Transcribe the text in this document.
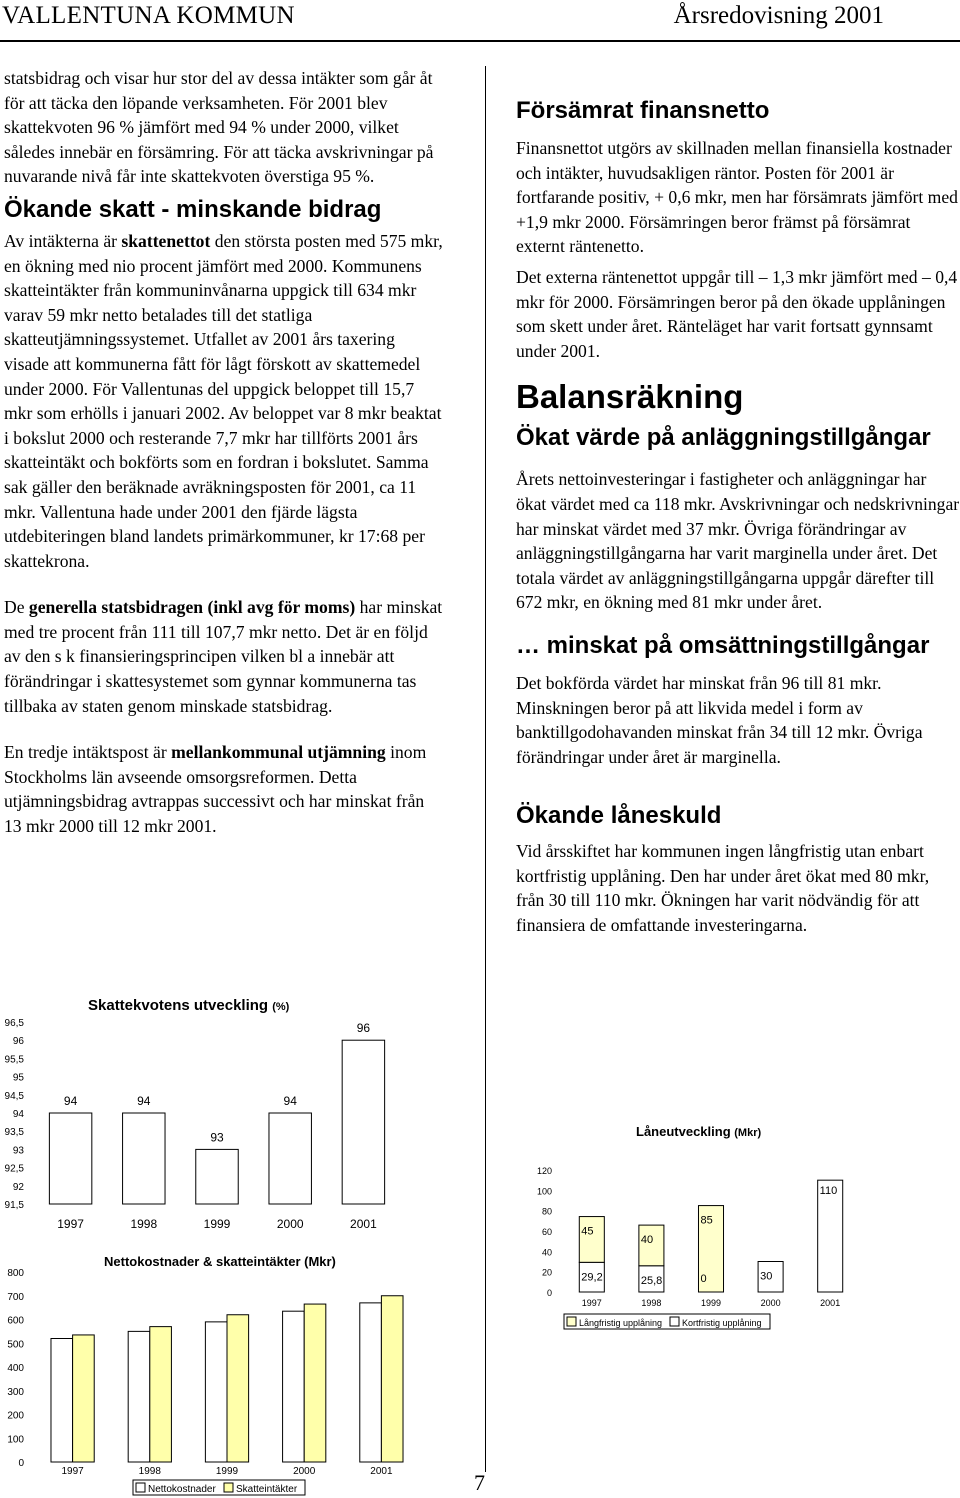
VALLENTUNA KOMMUN	Årsredovisning 2001

statsbidrag och visar hur stor del av dessa intäkter som går åt för att täcka den löpande verksamheten. För 2001 blev skattekvoten 96 % jämfört med 94 % under 2000, vilket således innebär en försämring. För att täcka avskrivningar på nuvarande nivå får inte skattekvoten överstiga 95 %.

Ökande skatt - minskande bidrag

Av intäkterna är skattenettot den största posten med 575 mkr, en ökning med nio procent jämfört med 2000. Kommunens skatteintäkter från kommuninvånarna uppgick till 634 mkr varav 59 mkr netto betalades till det statliga skatteutjämningssystemet. Utfallet av 2001 års taxering visade att kommunerna fått för lågt förskott av skattemedel under 2000. För Vallentunas del uppgick beloppet till 15,7 mkr som erhölls i januari 2002. Av beloppet var 8 mkr beaktat i bokslut 2000 och resterande 7,7 mkr har tillförts 2001 års skatteintäkt och bokförts som en fordran i bokslutet. Samma sak gäller den beräknade avräkningsposten för 2001, ca 11 mkr. Vallentuna hade under 2001 den fjärde lägsta utdebiteringen bland landets primärkommuner, kr 17:68 per skattekrona.

De generella statsbidragen (inkl avg för moms) har minskat med tre procent från 111 till 107,7 mkr netto. Det är en följd av den s k finansieringsprincipen vilken bl a innebär att förändringar i skattesystemet som gynnar kommunerna tas tillbaka av staten genom minskade statsbidrag.

En tredje intäktspost är mellankommunal utjämning inom Stockholms län avseende omsorgsreformen. Detta utjämningsbidrag avtrappas successivt och har minskat från 13 mkr 2000 till 12 mkr 2001.

Skattekvotens utveckling (%)
96,5
96
95,5
95
94,5
94
93,5
93
92,5
92
91,5
94
1997
94
1998
93
1999
94
2000
96
2001
Nettokostnader & skatteintäkter (Mkr)
800
700
600
500
400
300
200
100
0
1997	1998	1999	2000	2001
Nettokostnader Skatteintäkter
Försämrat finansnetto

Finansnettot utgörs av skillnaden mellan finansiella kostnader och intäkter, huvudsakligen räntor. Posten för 2001 är fortfarande positiv, + 0,6 mkr, men har försämrats jämfört med +1,9 mkr 2000. Försämringen beror främst på försämrat externt räntenetto.

Det externa räntenettot uppgår till – 1,3 mkr jämfört med – 0,4 mkr för 2000. Försämringen beror på den ökade upplåningen som skett under året. Ränteläget har varit fortsatt gynnsamt under 2001.

Balansräkning
Ökat värde på anläggningstillgångar

Årets nettoinvesteringar i fastigheter och anläggningar har ökat värdet med ca 118 mkr. Avskrivningar och nedskrivningar har minskat värdet med 37 mkr. Övriga förändringar av anläggningstillgångarna har varit marginella under året. Det totala värdet av anläggningstillgångarna uppgår därefter till 672 mkr, en ökning med 81 mkr under året.

… minskat på omsättningstillgångar

Det bokförda värdet har minskat från 96 till 81 mkr. Minskningen beror på att likvida medel i form av banktillgodohavanden minskat från 34 till 12 mkr. Övriga förändringar under året är marginella.

Ökande låneskuld

Vid årsskiftet har kommunen ingen långfristig utan enbart kortfristig upplåning. Den har under året ökat med 80 mkr, från 30 till 110 mkr. Ökningen har varit nödvändig för att finansiera de omfattande investeringarna.

Låneutveckling (Mkr)
120
100
80
60
40
20
0
45
29,2
1997
40
25,8
1998
85
0
1999
30
2000
110
2001
Långfristig upplåning Kortfristig upplåning
7
